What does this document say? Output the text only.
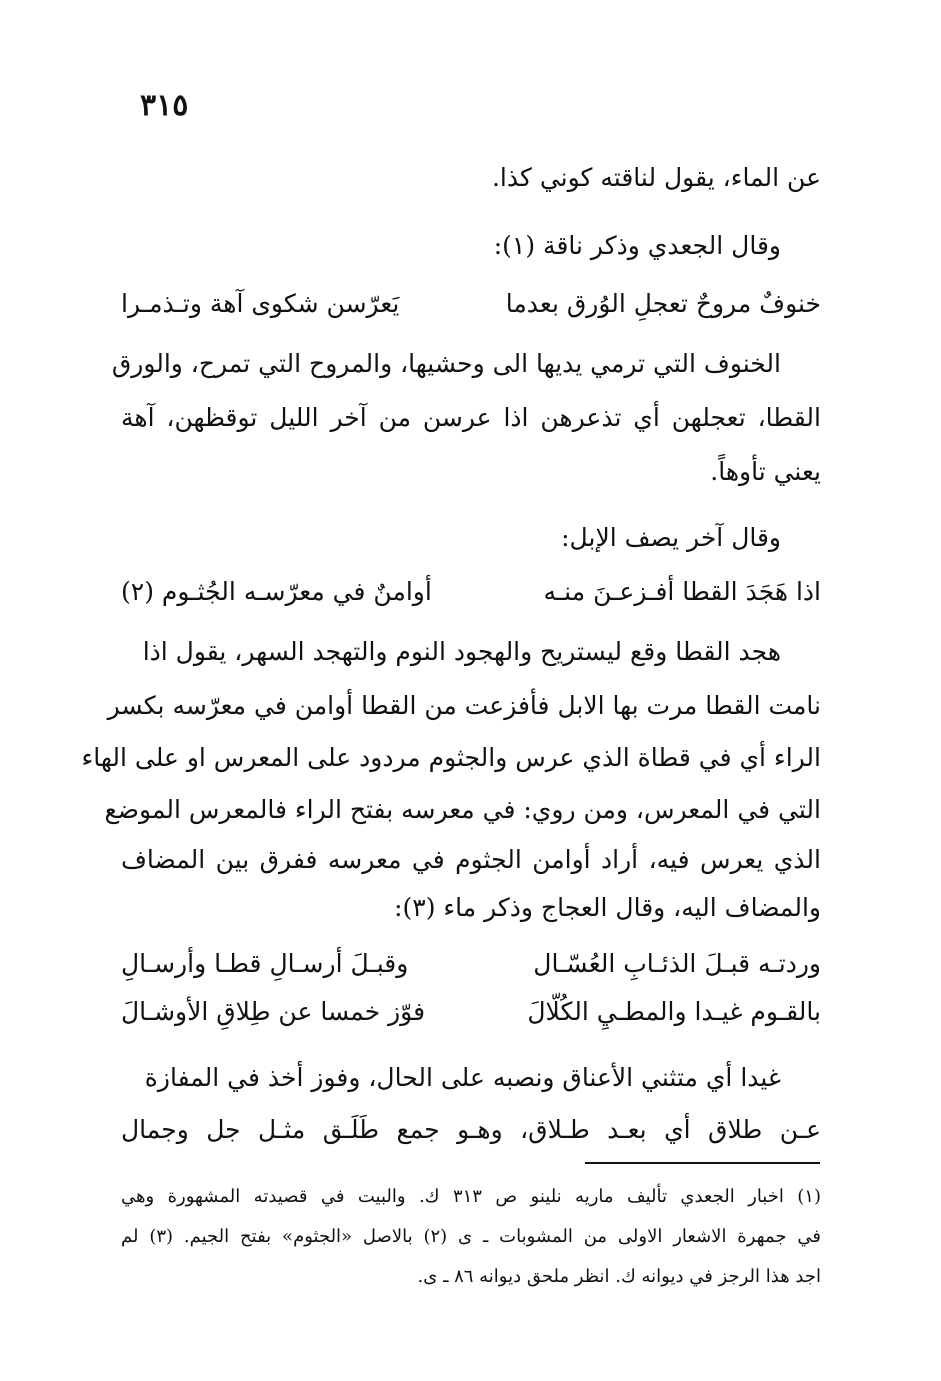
٣١٥
عن الماء، يقول لناقته كوني كذا.
وقال الجعدي وذكر ناقة (١):
خنوفٌ مروحٌ تعجلِ الوُرق بعدما
يَعرّسن شكوى آهة وتـذمـرا
الخنوف التي ترمي يديها الى وحشيها، والمروح التي تمرح، والورق
القطا، تعجلهن أي تذعرهن اذا عرسن من آخر الليل توقظهن، آهة
يعني تأوهاً.
وقال آخر يصف الإبل:
اذا هَجَدَ القطا أفـزعـنَ منـه
أوامنٌ في معرّسـه الجُثـوم (٢)
هجد القطا وقع ليستريح والهجود النوم والتهجد السهر، يقول اذا
نامت القطا مرت بها الابل فأفزعت من القطا أوامن في معرّسه بكسر
الراء أي في قطاة الذي عرس والجثوم مردود على المعرس او على الهاء
التي في المعرس، ومن روي: في معرسه بفتح الراء فالمعرس الموضع
الذي يعرس فيه، أراد أوامن الجثوم في معرسه ففرق بين المضاف
والمضاف اليه، وقال العجاج وذكر ماء (٣):
وردتـه قبـلَ الذئـابِ العُسّـال
وقبـلَ أرسـالِ قطـا وأرسـالِ
بالقـوم غيـدا والمطـيِ الكُلّالَ
فوّز خمسا عن طِلاقِ الأوشـالَ
غيدا أي متثني الأعناق ونصبه على الحال، وفوز أخذ في المفازة
عـن طلاق أي بعـد طـلاق، وهـو جمع طَلَـق مثـل جل وجمال
(١) اخبار الجعدي تأليف ماريه نلينو ص ٣١٣ ك. والبيت في قصيدته المشهورة وهي
في جمهرة الاشعار الاولى من المشوبات ـ ى (٢) بالاصل «الجثوم» بفتح الجيم. (٣) لم
اجد هذا الرجز في ديوانه ك. انظر ملحق ديوانه ٨٦ ـ ى.
